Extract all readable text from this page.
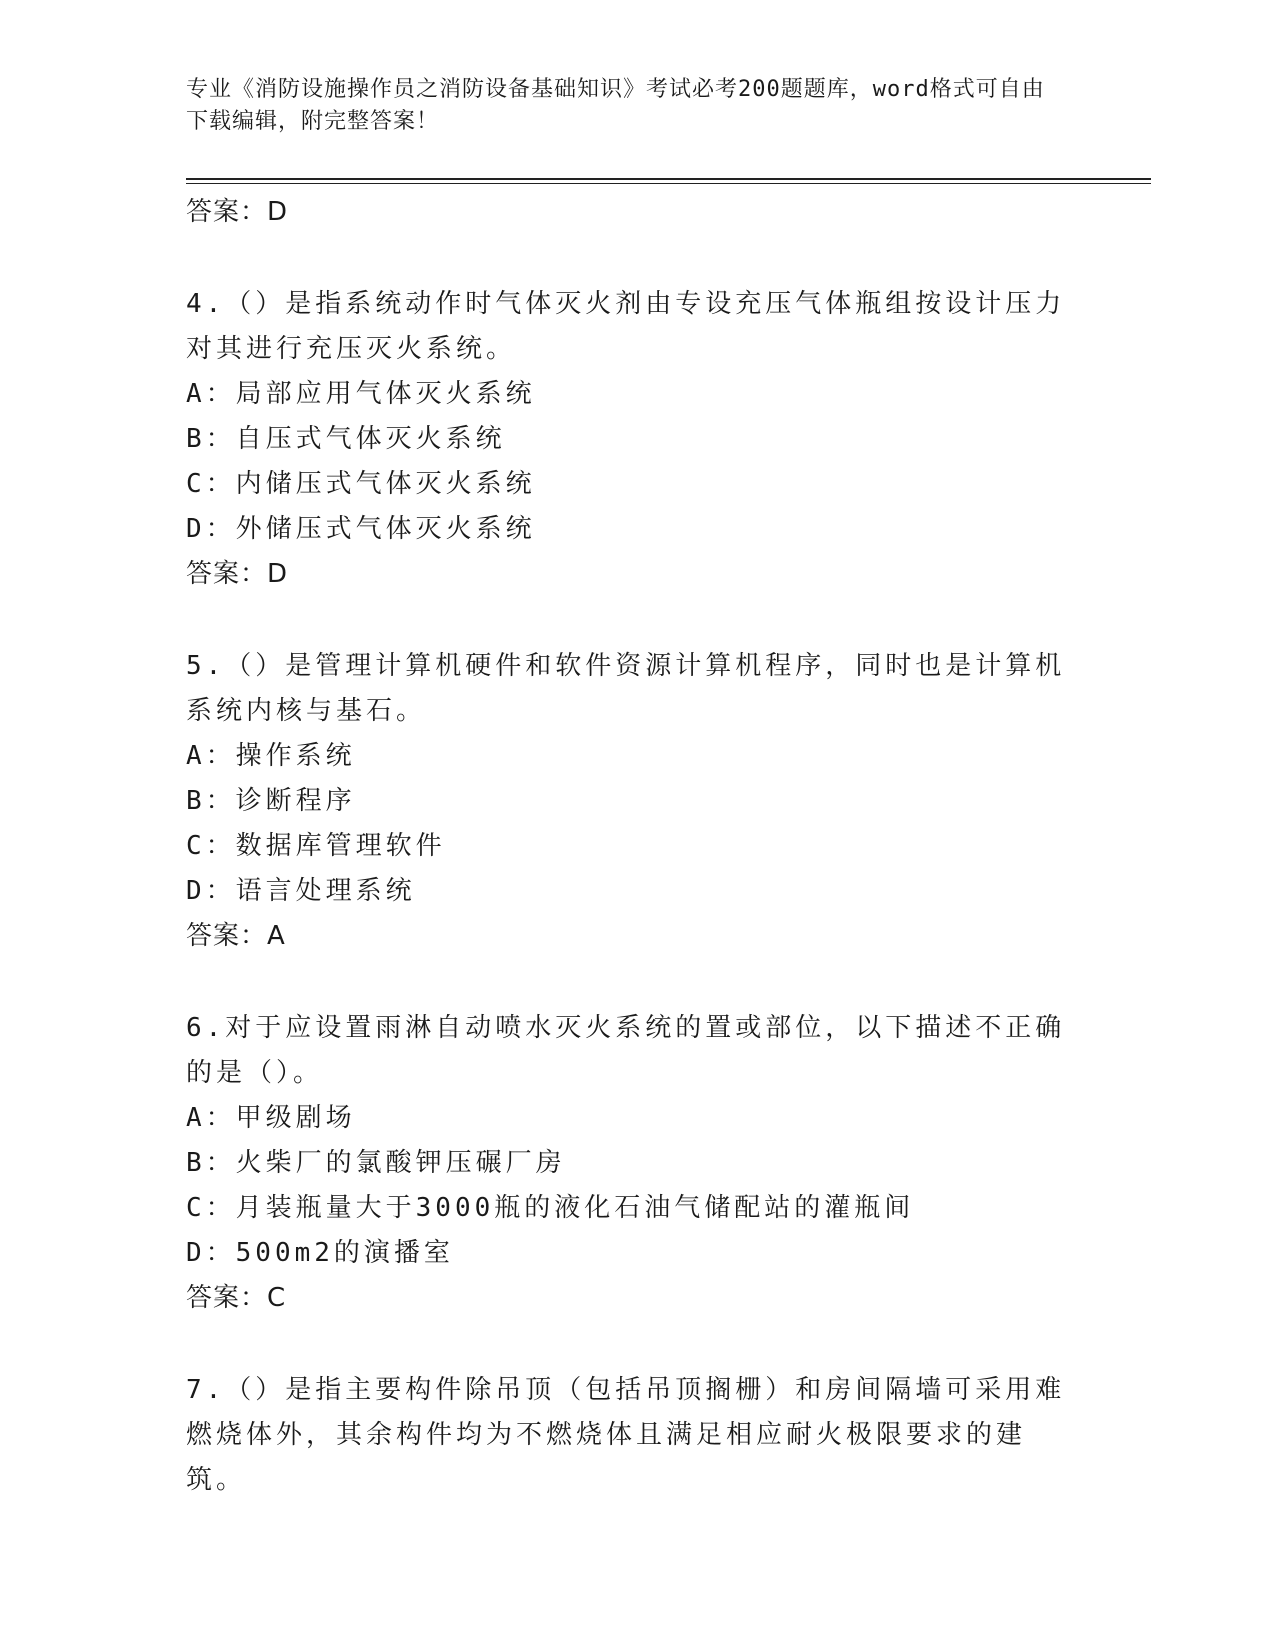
专业《消防设施操作员之消防设备基础知识》考试必考200题题库，word格式可自由下载编辑，附完整答案！
答案：D
4.（）是指系统动作时气体灭火剂由专设充压气体瓶组按设计压力对其进行充压灭火系统。
A：局部应用气体灭火系统
B：自压式气体灭火系统
C：内储压式气体灭火系统
D：外储压式气体灭火系统
答案：D
5.（）是管理计算机硬件和软件资源计算机程序，同时也是计算机系统内核与基石。
A：操作系统
B：诊断程序
C：数据库管理软件
D：语言处理系统
答案：A
6.对于应设置雨淋自动喷水灭火系统的置或部位，以下描述不正确的是（）。
A：甲级剧场
B：火柴厂的氯酸钾压碾厂房
C：月装瓶量大于3000瓶的液化石油气储配站的灌瓶间
D：500m2的演播室
答案：C
7.（）是指主要构件除吊顶（包括吊顶搁栅）和房间隔墙可采用难燃烧体外，其余构件均为不燃烧体且满足相应耐火极限要求的建筑。
